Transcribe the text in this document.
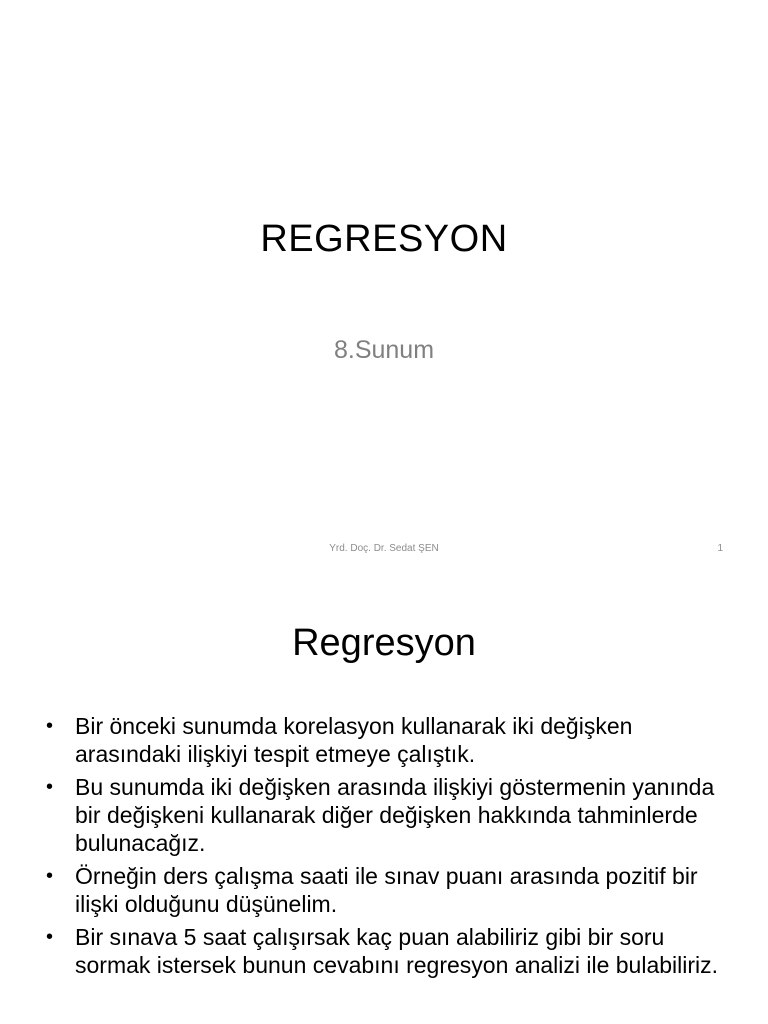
REGRESYON
8.Sunum
Yrd. Doç. Dr. Sedat ŞEN	1
Regresyon
• Bir önceki sunumda korelasyon kullanarak iki değişken arasındaki ilişkiyi tespit etmeye çalıştık.
• Bu sunumda iki değişken arasında ilişkiyi göstermenin yanında bir değişkeni kullanarak diğer değişken hakkında tahminlerde bulunacağız.
• Örneğin ders çalışma saati ile sınav puanı arasında pozitif bir ilişki olduğunu düşünelim.
• Bir sınava 5 saat çalışırsak kaç puan alabiliriz gibi bir soru sormak istersek bunun cevabını regresyon analizi ile bulabiliriz.
